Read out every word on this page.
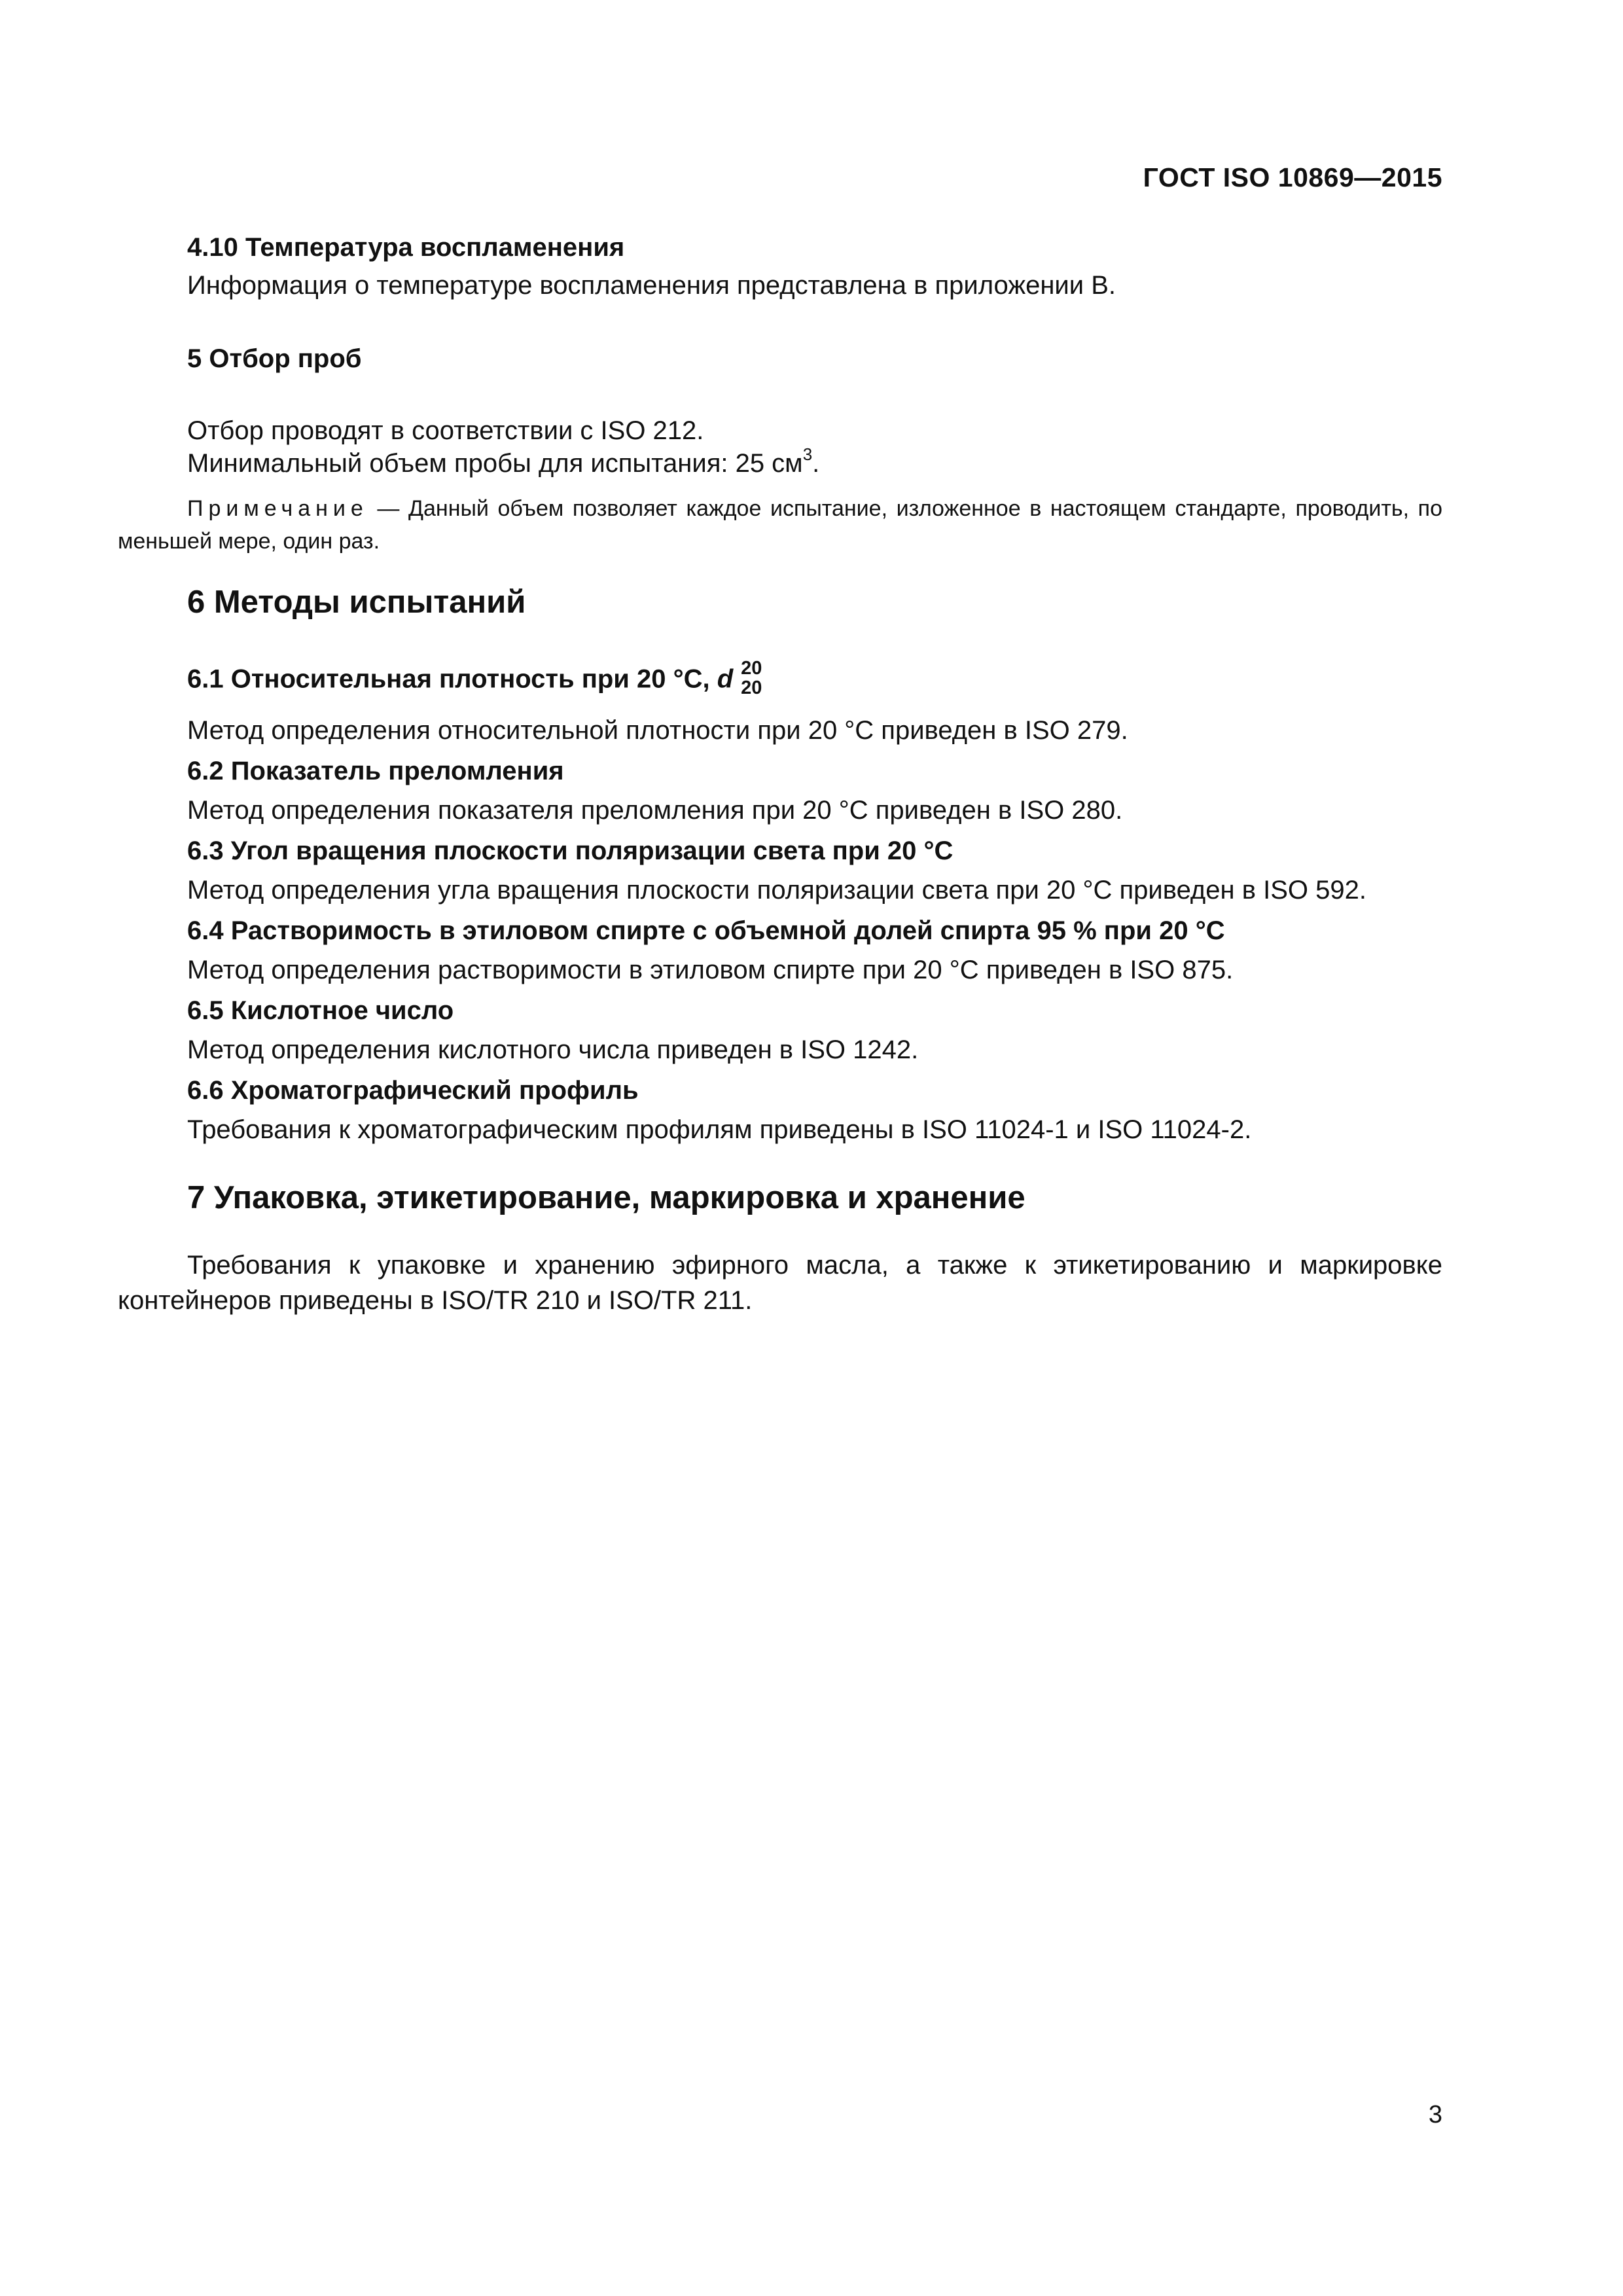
ГОСТ ISO 10869—2015
4.10 Температура воспламенения
Информация о температуре воспламенения представлена в приложении В.
5 Отбор проб
Отбор проводят в соответствии с ISO 212.
Минимальный объем пробы для испытания: 25 $см^3$.
Примечание — Данный объем позволяет каждое испытание, изложенное в настоящем стандарте, проводить, по меньшей мере, один раз.
6 Методы испытаний
6.1 Относительная плотность при 20 °С, d 20
20
Метод определения относительной плотности при 20 °С приведен в ISO 279.
6.2 Показатель преломления
Метод определения показателя преломления при 20 °С приведен в ISO 280.
6.3 Угол вращения плоскости поляризации света при 20 °С
Метод определения угла вращения плоскости поляризации света при 20 °С приведен в ISO 592.
6.4 Растворимость в этиловом спирте с объемной долей спирта 95 % при 20 °С
Метод определения растворимости в этиловом спирте при 20 °С приведен в ISO 875.
6.5 Кислотное число
Метод определения кислотного числа приведен в ISO 1242.
6.6 Хроматографический профиль
Требования к хроматографическим профилям приведены в ISO 11024-1 и ISO 11024-2.
7 Упаковка, этикетирование, маркировка и хранение
Требования к упаковке и хранению эфирного масла, а также к этикетированию и маркировке контейнеров приведены в ISO/TR 210 и ISO/TR 211.
3
